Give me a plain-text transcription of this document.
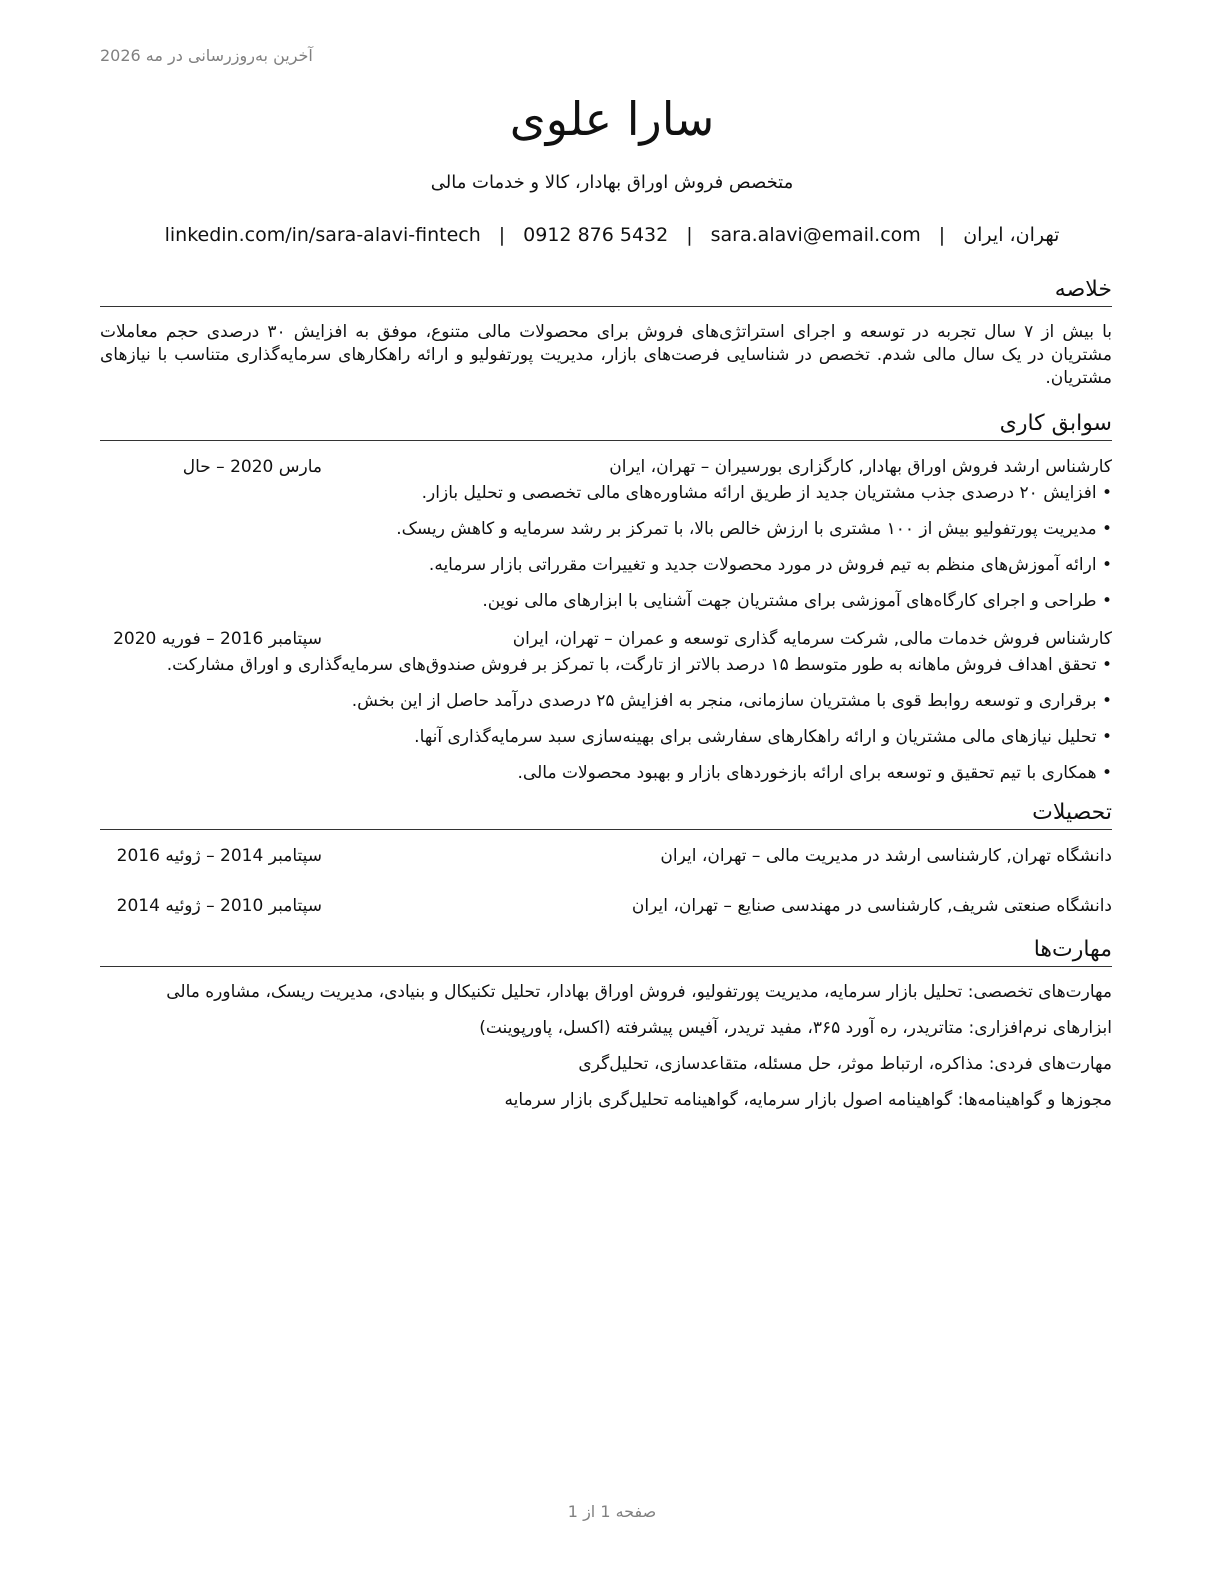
آخرین به‌روزرسانی در مه 2026
سارا علوی
متخصص فروش اوراق بهادار، کالا و خدمات مالی
تهران، ایران
|
sara.alavi@email.com
|
0912 876 5432
|
linkedin.com/in/sara-alavi-fintech
خلاصه
با بیش از ۷ سال تجربه در توسعه و اجرای استراتژی‌های فروش برای محصولات مالی متنوع، موفق به افزایش ۳۰ درصدی حجم معاملات مشتریان در یک سال مالی شدم. تخصص در شناسایی فرصت‌های بازار، مدیریت پورتفولیو و ارائه راهکارهای سرمایه‌گذاری متناسب با نیازهای مشتریان.
سوابق کاری
کارشناس ارشد فروش اوراق بهادار, کارگزاری بورسیران – تهران، ایران
مارس 2020 – حال
• افزایش ۲۰ درصدی جذب مشتریان جدید از طریق ارائه مشاوره‌های مالی تخصصی و تحلیل بازار.
• مدیریت پورتفولیو بیش از ۱۰۰ مشتری با ارزش خالص بالا، با تمرکز بر رشد سرمایه و کاهش ریسک.
• ارائه آموزش‌های منظم به تیم فروش در مورد محصولات جدید و تغییرات مقرراتی بازار سرمایه.
• طراحی و اجرای کارگاه‌های آموزشی برای مشتریان جهت آشنایی با ابزارهای مالی نوین.
کارشناس فروش خدمات مالی, شرکت سرمایه گذاری توسعه و عمران – تهران، ایران
سپتامبر 2016 – فوریه 2020
• تحقق اهداف فروش ماهانه به طور متوسط ۱۵ درصد بالاتر از تارگت، با تمرکز بر فروش صندوق‌های سرمایه‌گذاری و اوراق مشارکت.
• برقراری و توسعه روابط قوی با مشتریان سازمانی، منجر به افزایش ۲۵ درصدی درآمد حاصل از این بخش.
• تحلیل نیازهای مالی مشتریان و ارائه راهکارهای سفارشی برای بهینه‌سازی سبد سرمایه‌گذاری آنها.
• همکاری با تیم تحقیق و توسعه برای ارائه بازخوردهای بازار و بهبود محصولات مالی.
تحصیلات
دانشگاه تهران, کارشناسی ارشد در مدیریت مالی – تهران، ایران
سپتامبر 2014 – ژوئیه 2016
دانشگاه صنعتی شریف, کارشناسی در مهندسی صنایع – تهران، ایران
سپتامبر 2010 – ژوئیه 2014
مهارت‌ها
مهارت‌های تخصصی: تحلیل بازار سرمایه، مدیریت پورتفولیو، فروش اوراق بهادار، تحلیل تکنیکال و بنیادی، مدیریت ریسک، مشاوره مالی
ابزارهای نرم‌افزاری: متاتریدر، ره آورد ۳۶۵، مفید تریدر، آفیس پیشرفته (اکسل، پاورپوینت)
مهارت‌های فردی: مذاکره، ارتباط موثر، حل مسئله، متقاعدسازی، تحلیل‌گری
مجوزها و گواهینامه‌ها: گواهینامه اصول بازار سرمایه، گواهینامه تحلیل‌گری بازار سرمایه
صفحه 1 از 1
